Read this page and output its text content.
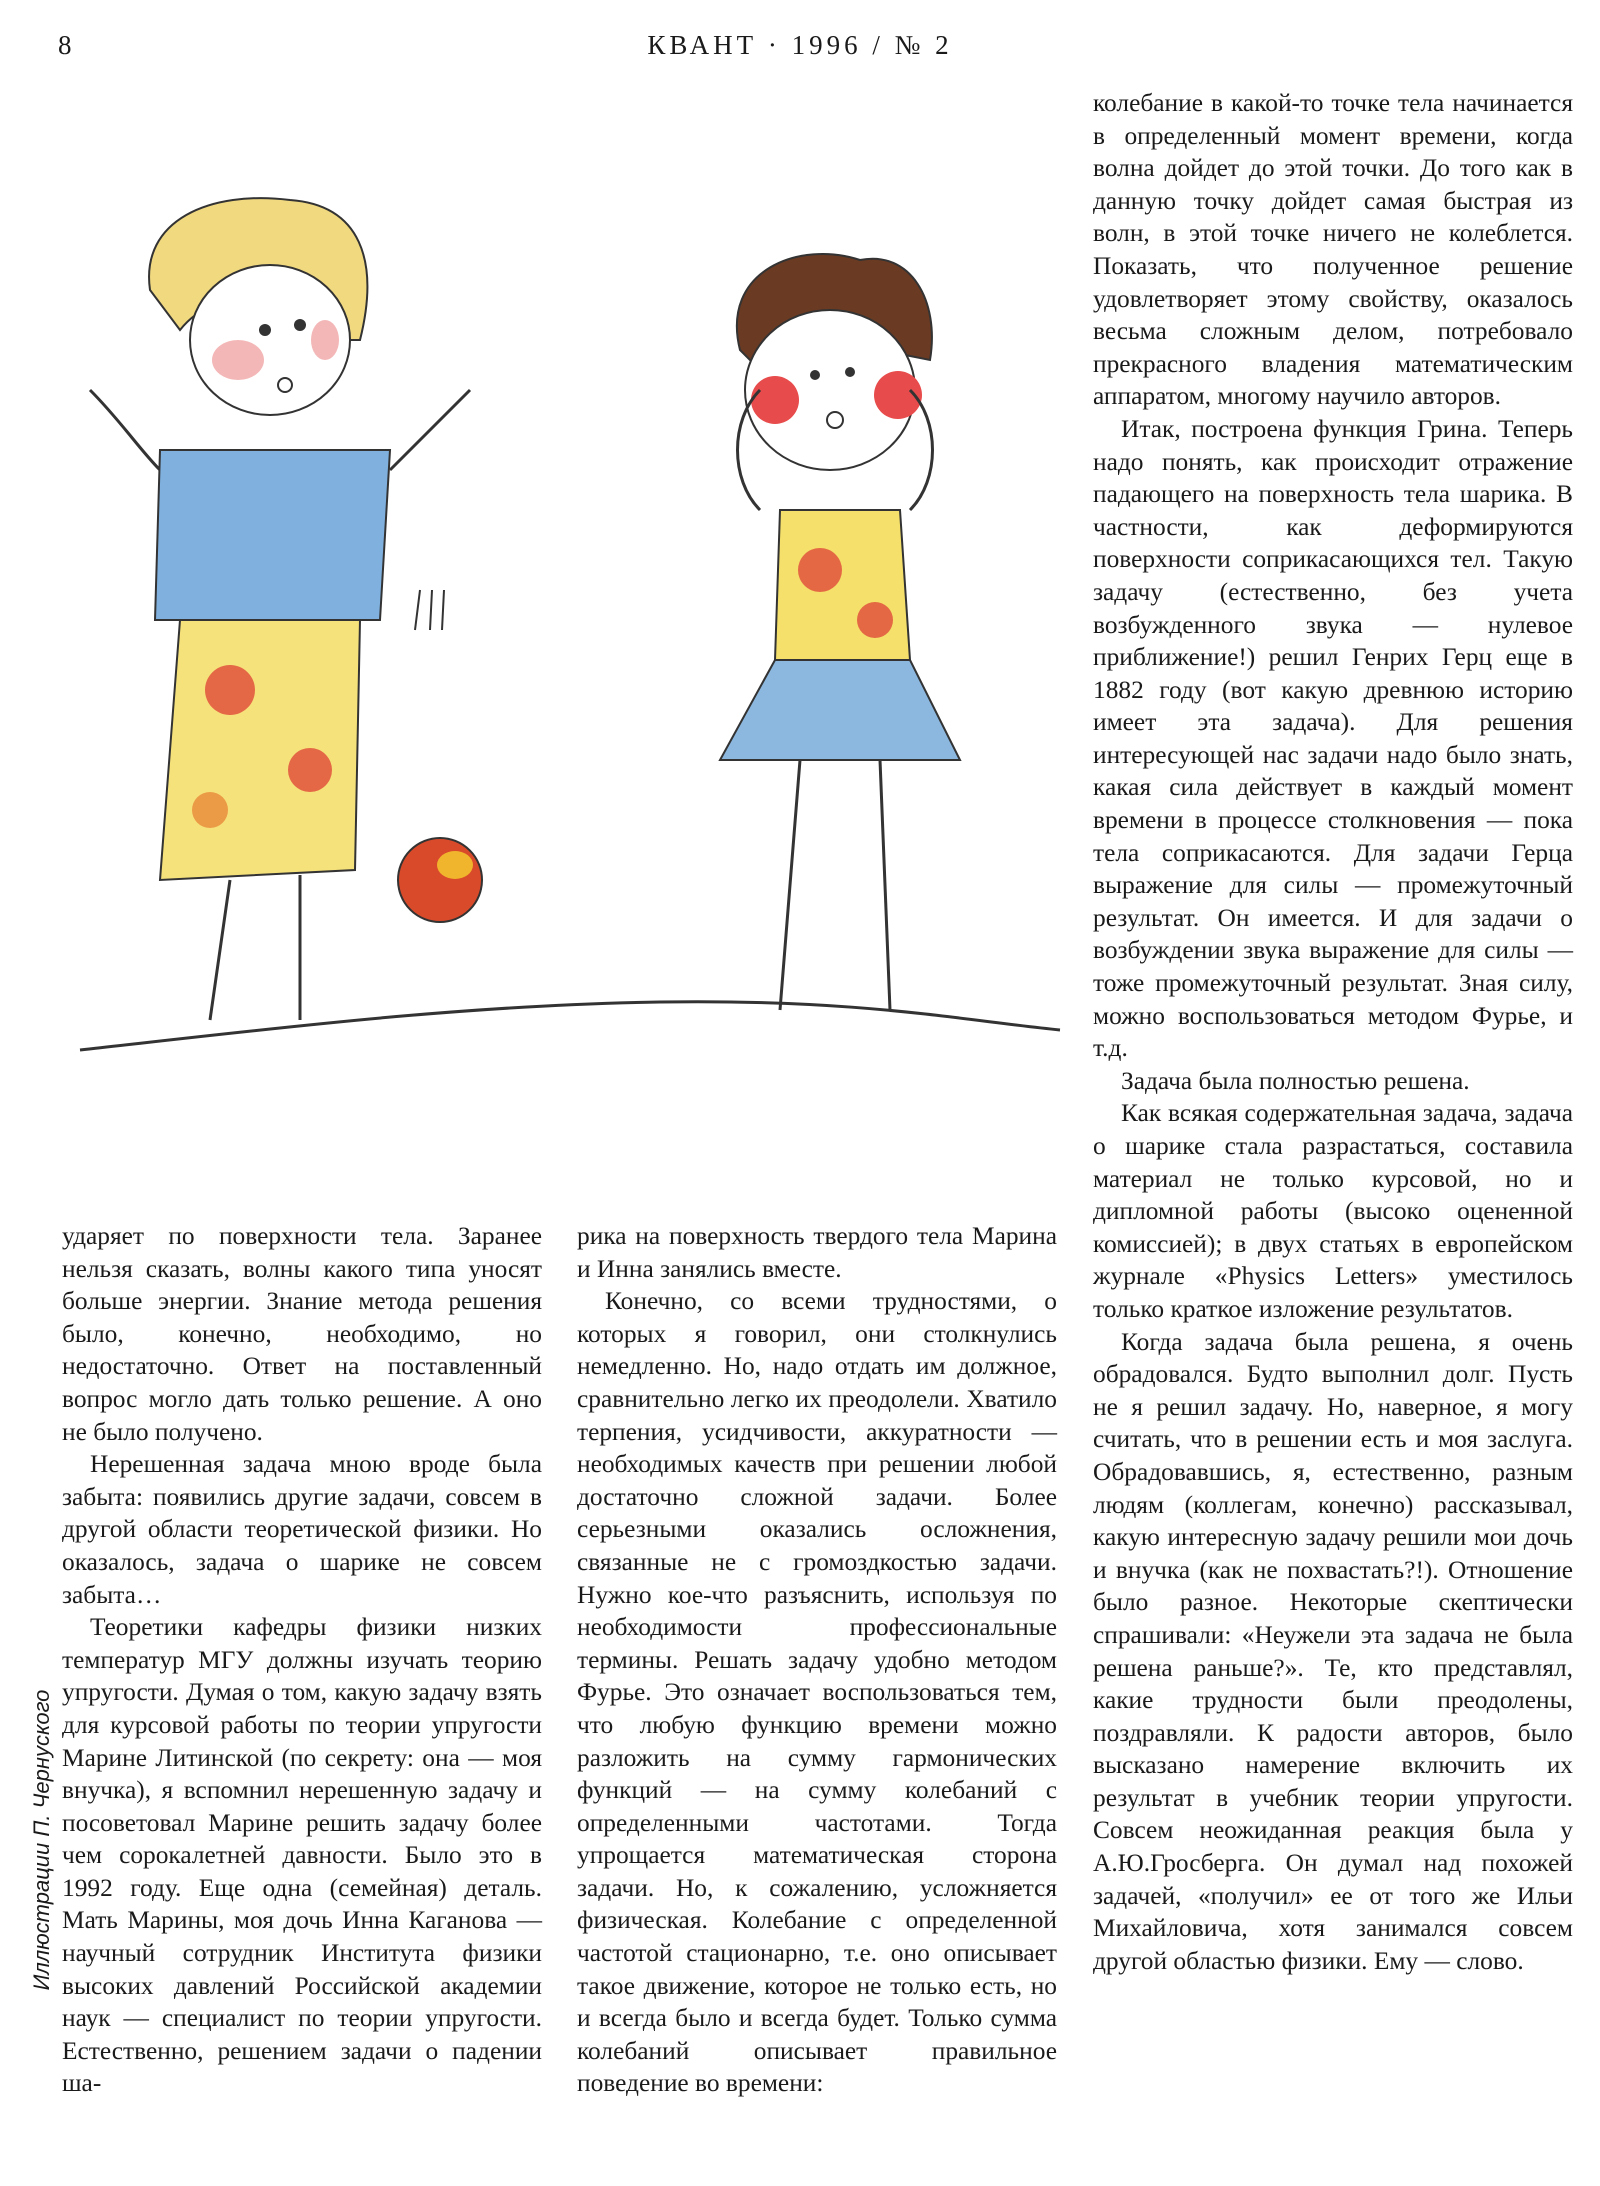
8	КВАНТ · 1996 / № 2

ударяет по поверхности тела. Заранее нельзя сказать, волны какого типа уносят больше энергии. Знание метода решения было, конечно, необходимо, но недостаточно. Ответ на поставленный вопрос могло дать только решение. А оно не было получено.

Нерешенная задача мною вроде была забыта: появились другие задачи, совсем в другой области теоретической физики. Но оказалось, задача о шарике не совсем забыта…

Теоретики кафедры физики низких температур МГУ должны изучать теорию упругости. Думая о том, какую задачу взять для курсовой работы по теории упругости Марине Литинской (по секрету: она — моя внучка), я вспомнил нерешенную задачу и посоветовал Марине решить задачу более чем сорокалетней давности. Было это в 1992 году. Еще одна (семейная) деталь. Мать Марины, моя дочь Инна Каганова — научный сотрудник Института физики высоких давлений Российской академии наук — специалист по теории упругости. Естественно, решением задачи о падении ша-

рика на поверхность твердого тела Марина и Инна занялись вместе.

Конечно, со всеми трудностями, о которых я говорил, они столкнулись немедленно. Но, надо отдать им должное, сравнительно легко их преодолели. Хватило терпения, усидчивости, аккуратности — необходимых качеств при решении любой достаточно сложной задачи. Более серьезными оказались осложнения, связанные не с громоздкостью задачи. Нужно кое-что разъяснить, используя по необходимости профессиональные термины. Решать задачу удобно методом Фурье. Это означает воспользоваться тем, что любую функцию времени можно разложить на сумму гармонических функций — на сумму колебаний с определенными частотами. Тогда упрощается математическая сторона задачи. Но, к сожалению, усложняется физическая. Колебание с определенной частотой стационарно, т.е. оно описывает такое движение, которое не только есть, но и всегда было и всегда будет. Только сумма колебаний описывает правильное поведение во времени:

колебание в какой-то точке тела начинается в определенный момент времени, когда волна дойдет до этой точки. До того как в данную точку дойдет самая быстрая из волн, в этой точке ничего не колеблется. Показать, что полученное решение удовлетворяет этому свойству, оказалось весьма сложным делом, потребовало прекрасного владения математическим аппаратом, многому научило авторов.

Итак, построена функция Грина. Теперь надо понять, как происходит отражение падающего на поверхность тела шарика. В частности, как деформируются поверхности соприкасающихся тел. Такую задачу (естественно, без учета возбужденного звука — нулевое приближение!) решил Генрих Герц еще в 1882 году (вот какую древнюю историю имеет эта задача). Для решения интересующей нас задачи надо было знать, какая сила действует в каждый момент времени в процессе столкновения — пока тела соприкасаются. Для задачи Герца выражение для силы — промежуточный результат. Он имеется. И для задачи о возбуждении звука выражение для силы — тоже промежуточный результат. Зная силу, можно воспользоваться методом Фурье, и т.д.

Задача была полностью решена.

Как всякая содержательная задача, задача о шарике стала разрастаться, составила материал не только курсовой, но и дипломной работы (высоко оцененной комиссией); в двух статьях в европейском журнале «Physics Letters» уместилось только краткое изложение результатов.

Когда задача была решена, я очень обрадовался. Будто выполнил долг. Пусть не я решил задачу. Но, наверное, я могу считать, что в решении есть и моя заслуга. Обрадовавшись, я, естественно, разным людям (коллегам, конечно) рассказывал, какую интересную задачу решили мои дочь и внучка (как не похвастать?!). Отношение было разное. Некоторые скептически спрашивали: «Неужели эта задача не была решена раньше?». Те, кто представлял, какие трудности были преодолены, поздравляли. К радости авторов, было высказано намерение включить их результат в учебник теории упругости. Совсем неожиданная реакция была у А.Ю.Гросберга. Он думал над похожей задачей, «получил» ее от того же Ильи Михайловича, хотя занимался совсем другой областью физики. Ему — слово.

Иллюстрации П. Чернуского
